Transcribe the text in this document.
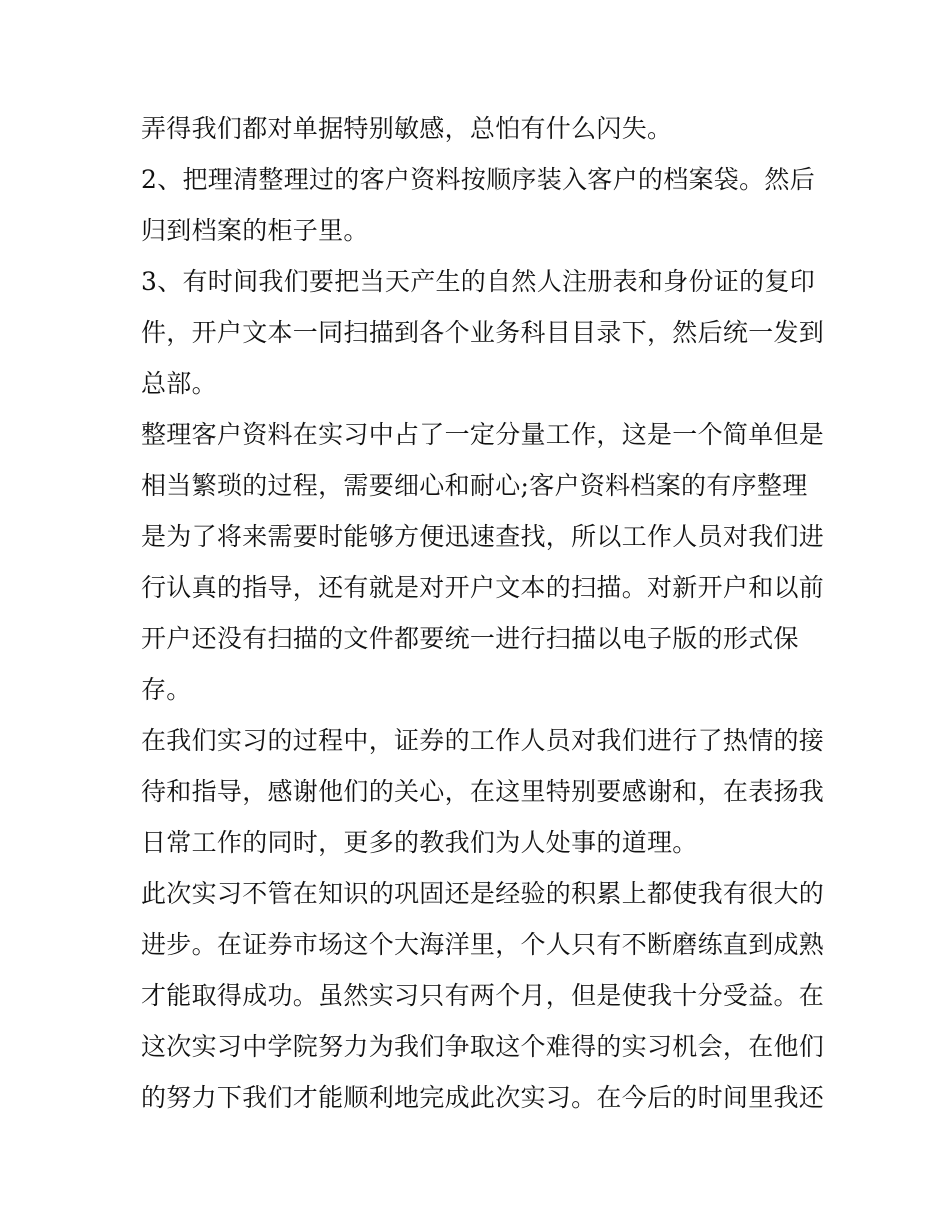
弄得我们都对单据特别敏感，总怕有什么闪失。
2、把理清整理过的客户资料按顺序装入客户的档案袋。然后
归到档案的柜子里。
3、有时间我们要把当天产生的自然人注册表和身份证的复印
件，开户文本一同扫描到各个业务科目目录下，然后统一发到
总部。
整理客户资料在实习中占了一定分量工作，这是一个简单但是
相当繁琐的过程，需要细心和耐心;客户资料档案的有序整理
是为了将来需要时能够方便迅速查找，所以工作人员对我们进
行认真的指导，还有就是对开户文本的扫描。对新开户和以前
开户还没有扫描的文件都要统一进行扫描以电子版的形式保
存。
在我们实习的过程中，证券的工作人员对我们进行了热情的接
待和指导，感谢他们的关心，在这里特别要感谢和，在表扬我
日常工作的同时，更多的教我们为人处事的道理。
此次实习不管在知识的巩固还是经验的积累上都使我有很大的
进步。在证券市场这个大海洋里，个人只有不断磨练直到成熟
才能取得成功。虽然实习只有两个月，但是使我十分受益。在
这次实习中学院努力为我们争取这个难得的实习机会，在他们
的努力下我们才能顺利地完成此次实习。在今后的时间里我还
